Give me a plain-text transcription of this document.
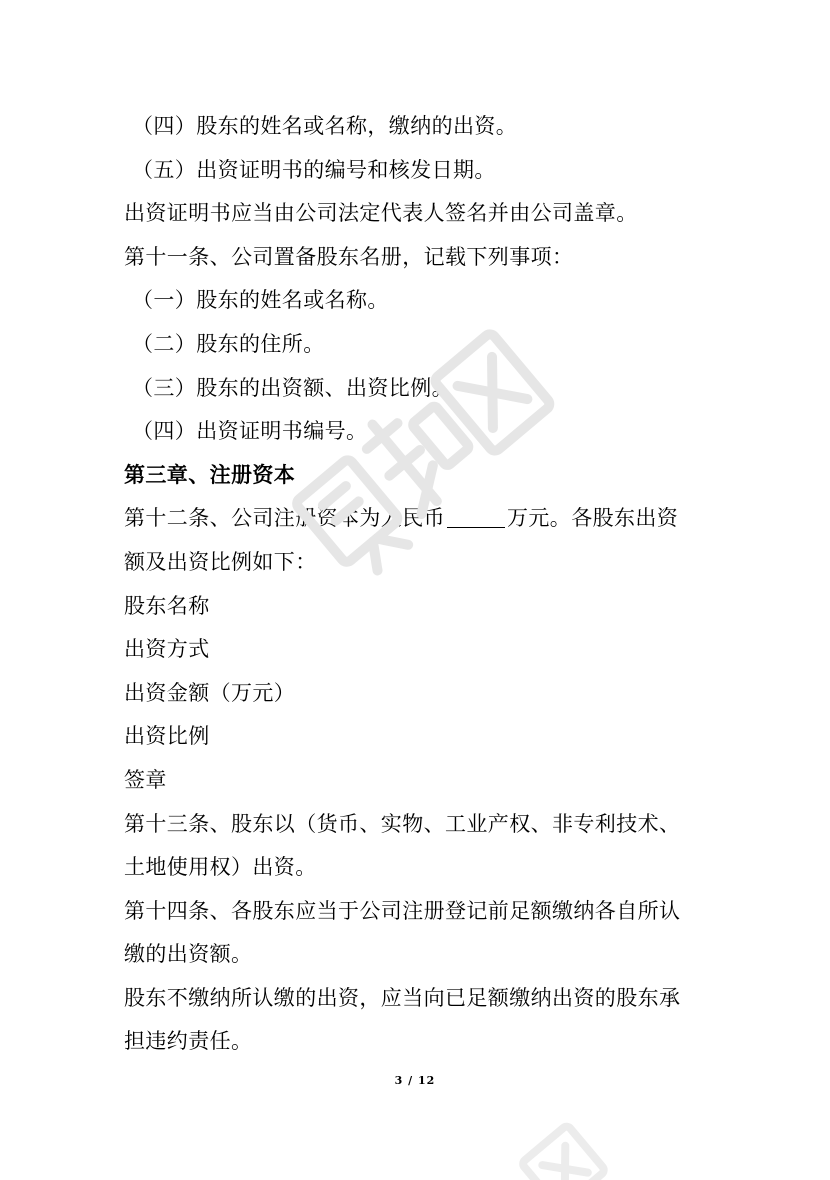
（四）股东的姓名或名称，缴纳的出资。
（五）出资证明书的编号和核发日期。
出资证明书应当由公司法定代表人签名并由公司盖章。
第十一条、公司置备股东名册，记载下列事项：
（一）股东的姓名或名称。
（二）股东的住所。
（三）股东的出资额、出资比例。
（四）出资证明书编号。
第三章、注册资本
第十二条、公司注册资本为人民币	万元。各股东出资
额及出资比例如下：
股东名称
出资方式
出资金额（万元）
出资比例
签章
第十三条、股东以（货币、实物、工业产权、非专利技术、
土地使用权）出资。
第十四条、各股东应当于公司注册登记前足额缴纳各自所认
缴的出资额。
股东不缴纳所认缴的出资，应当向已足额缴纳出资的股东承
担违约责任。
3 / 12
